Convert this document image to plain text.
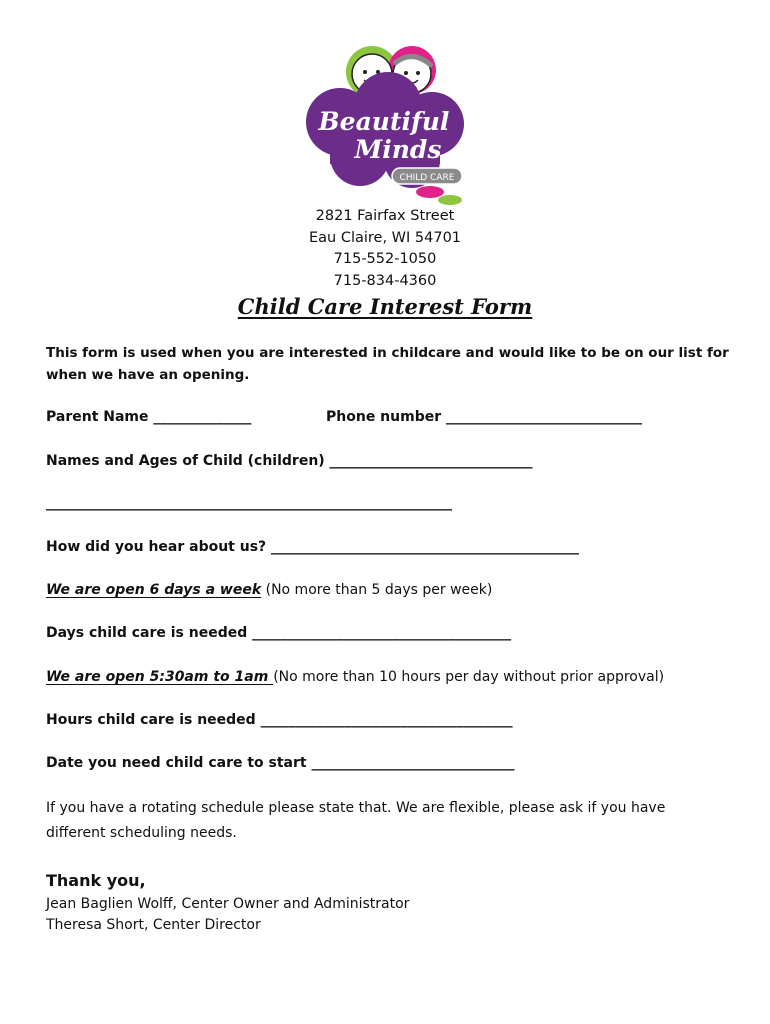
Beautiful
Minds
CHILD CARE
2821 Fairfax Street
Eau Claire, WI 54701
715-552-1050
715-834-4360
Child Care Interest Form
This form is used when you are interested in childcare and would like to be on our list for when we have an opening.
Parent Name ______________	Phone number ____________________________
Names and Ages of Child (children) _____________________________
__________________________________________________________
How did you hear about us? ____________________________________________
We are open 6 days a week (No more than 5 days per week)
Days child care is needed _____________________________________
We are open 5:30am to 1am (No more than 10 hours per day without prior approval)
Hours child care is needed ____________________________________
Date you need child care to start _____________________________
If you have a rotating schedule please state that. We are flexible, please ask if you have different scheduling needs.
Thank you,
Jean Baglien Wolff, Center Owner and Administrator
Theresa Short, Center Director
